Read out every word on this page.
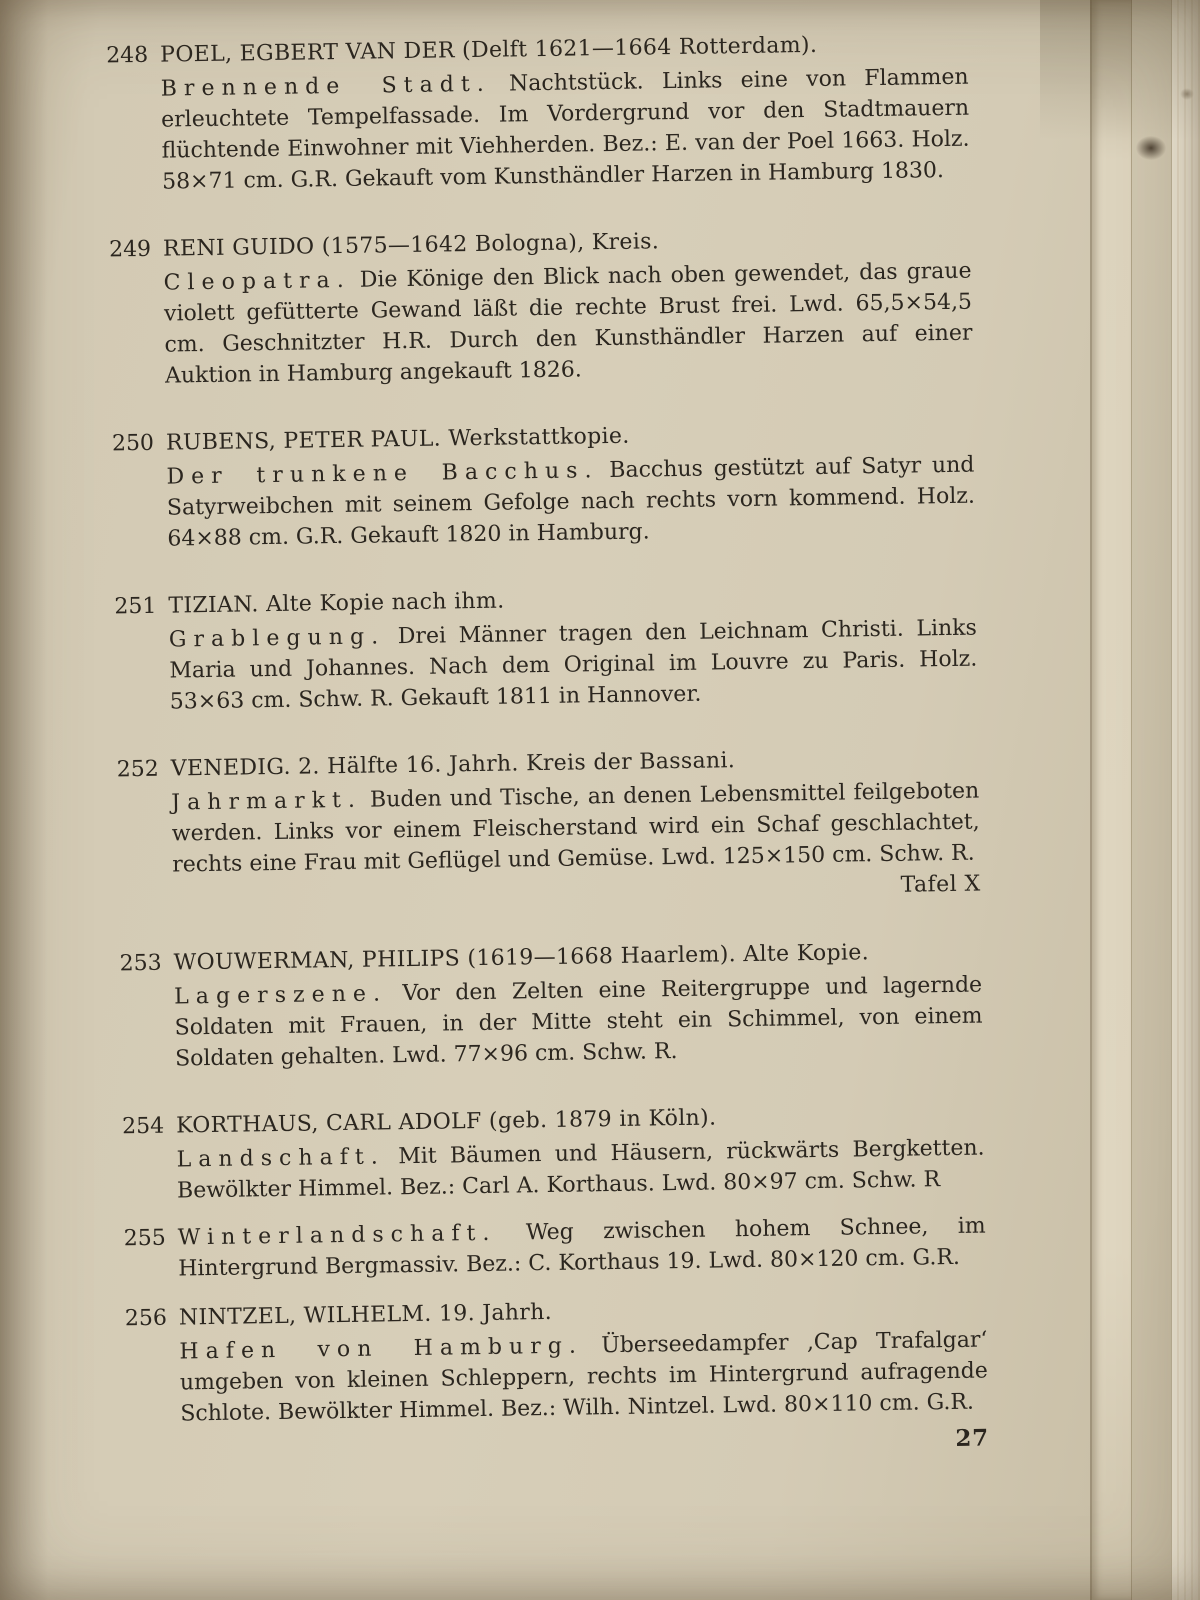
248 POEL, EGBERT VAN DER (Delft 1621—1664 Rotterdam).

Brennende Stadt. Nachtstück. Links eine von Flammen erleuchtete Tempelfassade. Im Vordergrund vor den Stadtmauern flüchtende Einwohner mit Viehherden. Bez.: E. van der Poel 1663. Holz. 58×71 cm. G.R. Gekauft vom Kunsthändler Harzen in Hamburg 1830.

249 RENI GUIDO (1575—1642 Bologna), Kreis.

Cleopatra. Die Könige den Blick nach oben gewendet, das graue violett gefütterte Gewand läßt die rechte Brust frei. Lwd. 65,5×54,5 cm. Geschnitzter H.R. Durch den Kunsthändler Harzen auf einer Auktion in Hamburg angekauft 1826.

250 RUBENS, PETER PAUL. Werkstattkopie.

Der trunkene Bacchus. Bacchus gestützt auf Satyr und Satyrweibchen mit seinem Gefolge nach rechts vorn kommend. Holz. 64×88 cm. G.R. Gekauft 1820 in Hamburg.

251 TIZIAN. Alte Kopie nach ihm.

Grablegung. Drei Männer tragen den Leichnam Christi. Links Maria und Johannes. Nach dem Original im Louvre zu Paris. Holz. 53×63 cm. Schw. R. Gekauft 1811 in Hannover.

252 VENEDIG. 2. Hälfte 16. Jahrh. Kreis der Bassani.

Jahrmarkt. Buden und Tische, an denen Lebensmittel feilgeboten werden. Links vor einem Fleischerstand wird ein Schaf geschlachtet, rechts eine Frau mit Geflügel und Gemüse. Lwd. 125×150 cm. Schw. R.
Tafel X

253 WOUWERMAN, PHILIPS (1619—1668 Haarlem). Alte Kopie.

Lagerszene. Vor den Zelten eine Reitergruppe und lagernde Soldaten mit Frauen, in der Mitte steht ein Schimmel, von einem Soldaten gehalten. Lwd. 77×96 cm. Schw. R.

254 KORTHAUS, CARL ADOLF (geb. 1879 in Köln).

Landschaft. Mit Bäumen und Häusern, rückwärts Bergketten. Bewölkter Himmel. Bez.: Carl A. Korthaus. Lwd. 80×97 cm. Schw. R

255 Winterlandschaft. Weg zwischen hohem Schnee, im Hintergrund Bergmassiv. Bez.: C. Korthaus 19. Lwd. 80×120 cm. G.R.

256 NINTZEL, WILHELM. 19. Jahrh.

Hafen von Hamburg. Überseedampfer ‚Cap Trafalgar‘ umgeben von kleinen Schleppern, rechts im Hintergrund aufragende Schlote. Bewölkter Himmel. Bez.: Wilh. Nintzel. Lwd. 80×110 cm. G.R.

27
